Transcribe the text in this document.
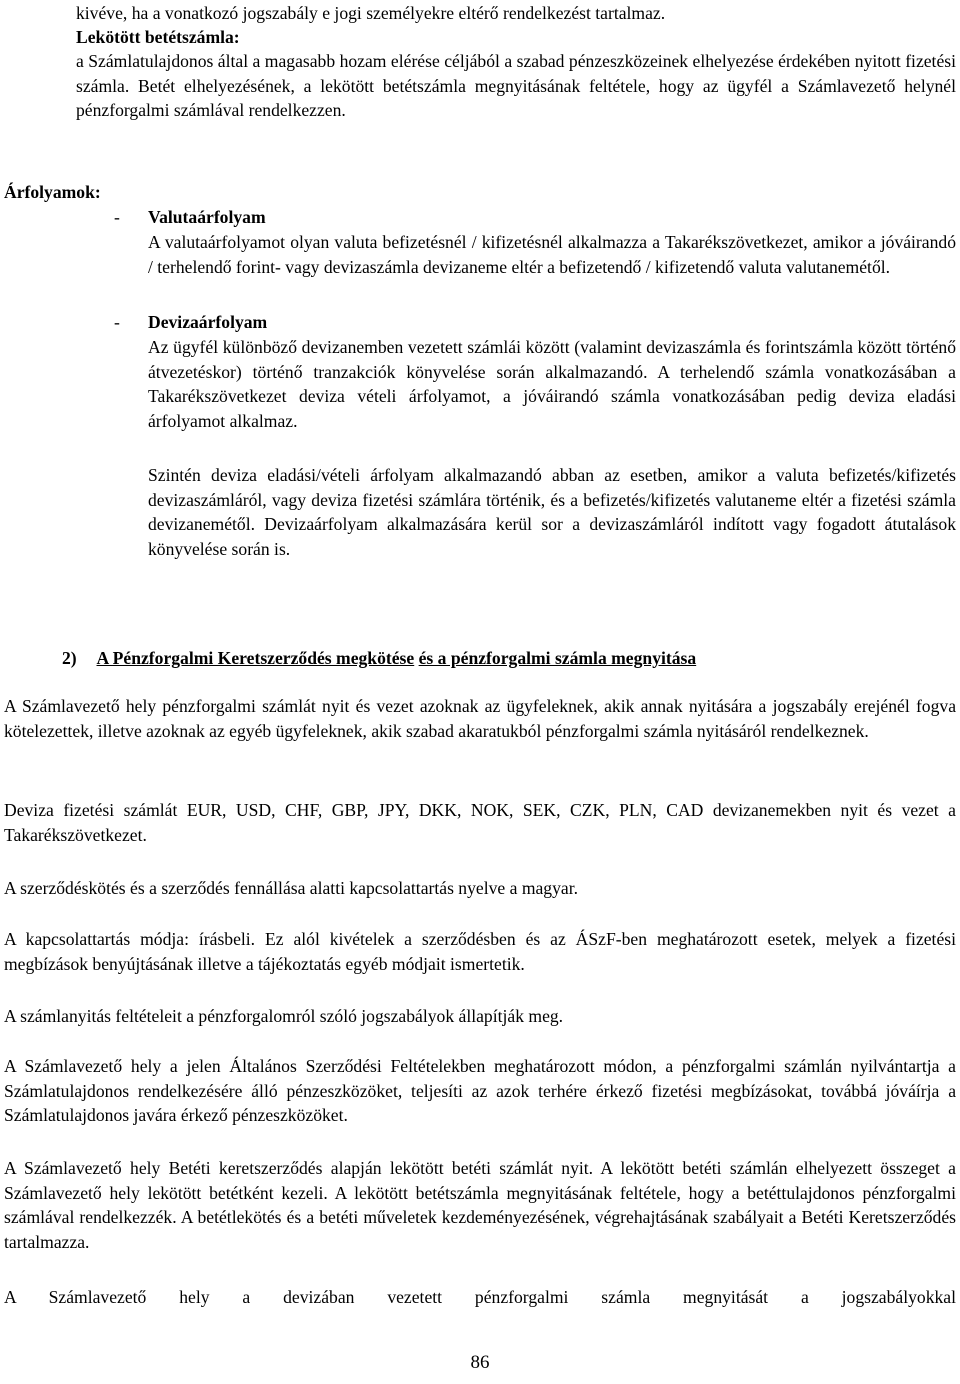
kivéve, ha a vonatkozó jogszabály e jogi személyekre eltérő rendelkezést tartalmaz.

Lekötött betétszámla:

a Számlatulajdonos által a magasabb hozam elérése céljából a szabad pénzeszközeinek elhelyezése érdekében nyitott fizetési számla. Betét elhelyezésének, a lekötött betétszámla megnyitásának feltétele, hogy az ügyfél a Számlavezető helynél pénzforgalmi számlával rendelkezzen.

Árfolyamok:

- Valutaárfolyam

A valutaárfolyamot olyan valuta befizetésnél / kifizetésnél alkalmazza a Takarékszövetkezet, amikor a jóváirandó / terhelendő forint- vagy devizaszámla devizaneme eltér a befizetendő / kifizetendő valuta valutanemétől.

- Devizaárfolyam

Az ügyfél különböző devizanemben vezetett számlái között (valamint devizaszámla és forintszámla között történő átvezetéskor) történő tranzakciók könyvelése során alkalmazandó. A terhelendő számla vonatkozásában a Takarékszövetkezet deviza vételi árfolyamot, a jóváirandó számla vonatkozásában pedig deviza eladási árfolyamot alkalmaz.

Szintén deviza eladási/vételi árfolyam alkalmazandó abban az esetben, amikor a valuta befizetés/kifizetés devizaszámláról, vagy deviza fizetési számlára történik, és a befizetés/kifizetés valutaneme eltér a fizetési számla devizanemétől. Devizaárfolyam alkalmazására kerül sor a devizaszámláról indított vagy fogadott átutalások könyvelése során is.

2) A Pénzforgalmi Keretszerződés megkötése és a pénzforgalmi számla megnyitása

A Számlavezető hely pénzforgalmi számlát nyit és vezet azoknak az ügyfeleknek, akik annak nyitására a jogszabály erejénél fogva kötelezettek, illetve azoknak az egyéb ügyfeleknek, akik szabad akaratukból pénzforgalmi számla nyitásáról rendelkeznek.

Deviza fizetési számlát EUR, USD, CHF, GBP, JPY, DKK, NOK, SEK, CZK, PLN, CAD devizanemekben nyit és vezet a Takarékszövetkezet.

A szerződéskötés és a szerződés fennállása alatti kapcsolattartás nyelve a magyar.

A kapcsolattartás módja: írásbeli. Ez alól kivételek a szerződésben és az ÁSzF-ben meghatározott esetek, melyek a fizetési megbízások benyújtásának illetve a tájékoztatás egyéb módjait ismertetik.

A számlanyitás feltételeit a pénzforgalomról szóló jogszabályok állapítják meg.

A Számlavezető hely a jelen Általános Szerződési Feltételekben meghatározott módon, a pénzforgalmi számlán nyilvántartja a Számlatulajdonos rendelkezésére álló pénzeszközöket, teljesíti az azok terhére érkező fizetési megbízásokat, továbbá jóváírja a Számlatulajdonos javára érkező pénzeszközöket.

A Számlavezető hely Betéti keretszerződés alapján lekötött betéti számlát nyit. A lekötött betéti számlán elhelyezett összeget a Számlavezető hely lekötött betétként kezeli. A lekötött betétszámla megnyitásának feltétele, hogy a betéttulajdonos pénzforgalmi számlával rendelkezzék. A betétlekötés és a betéti műveletek kezdeményezésének, végrehajtásának szabályait a Betéti Keretszerződés tartalmazza.

A Számlavezető hely a devizában vezetett pénzforgalmi számla megnyitását a jogszabályokkal

86
